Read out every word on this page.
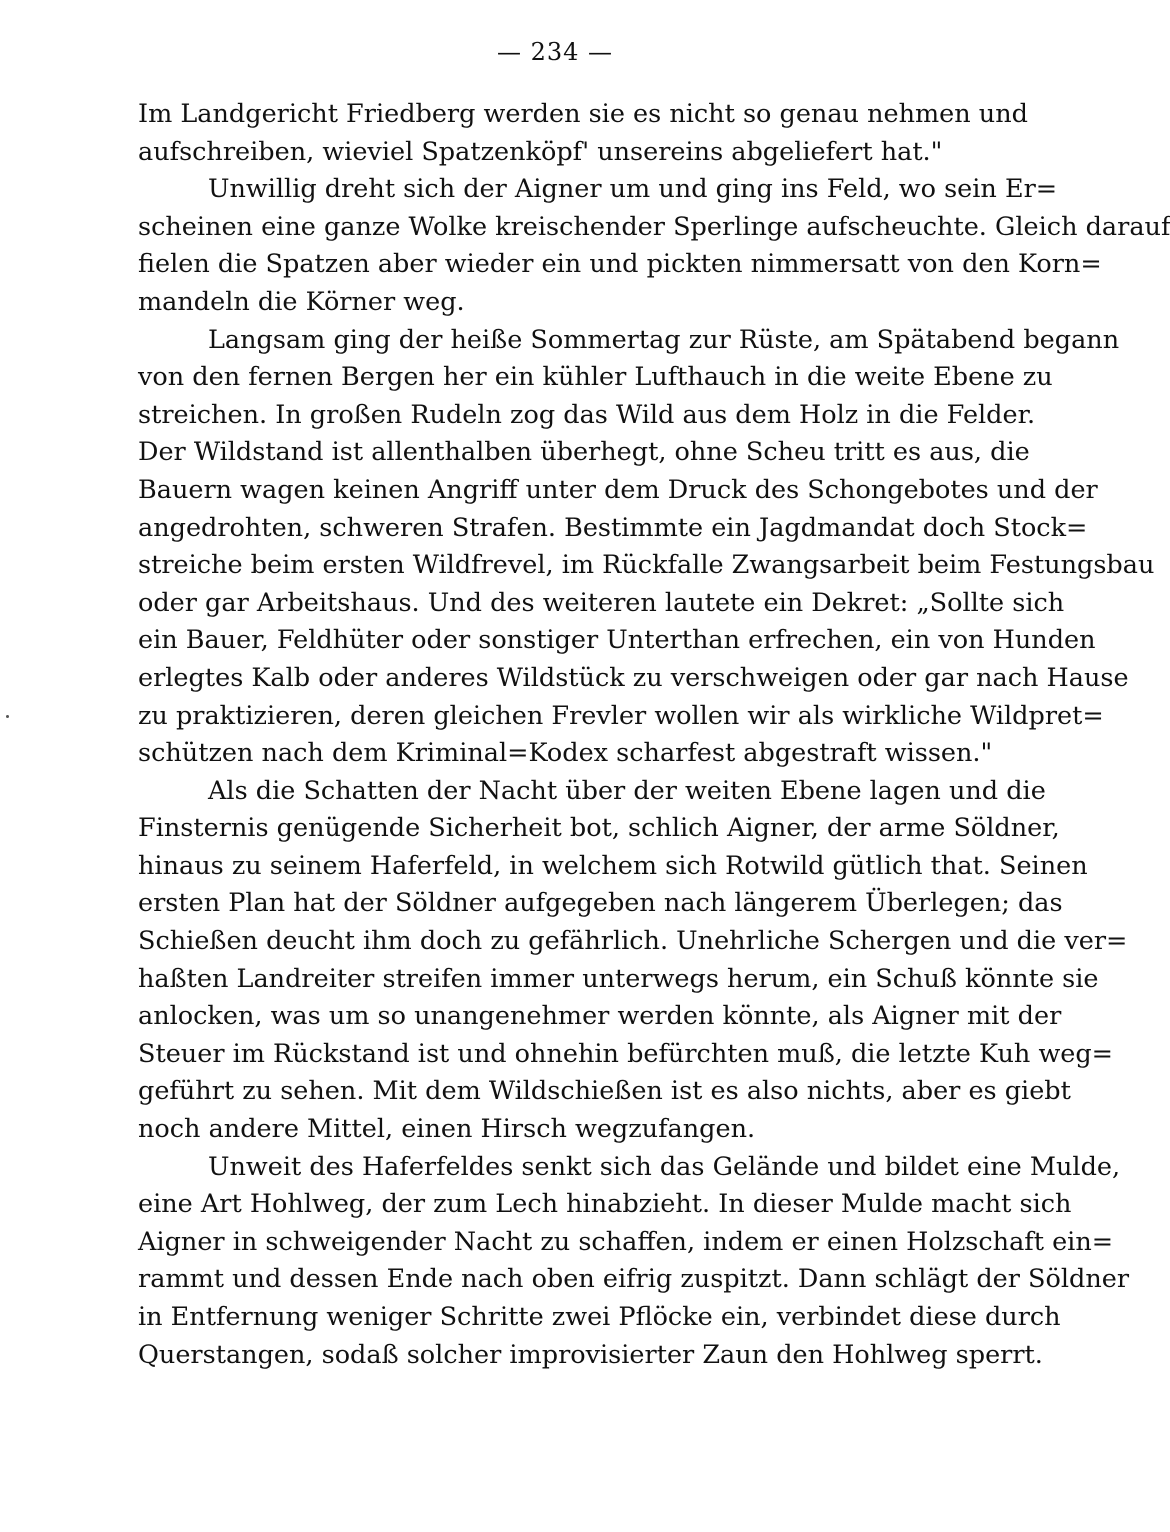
— 234 —
Im Landgericht Friedberg werden sie es nicht so genau nehmen und
aufschreiben, wieviel Spatzenköpf' unsereins abgeliefert hat."
Unwillig dreht sich der Aigner um und ging ins Feld, wo sein Er=
scheinen eine ganze Wolke kreischender Sperlinge aufscheuchte. Gleich darauf
fielen die Spatzen aber wieder ein und pickten nimmersatt von den Korn=
mandeln die Körner weg.
Langsam ging der heiße Sommertag zur Rüste, am Spätabend begann
von den fernen Bergen her ein kühler Lufthauch in die weite Ebene zu
streichen. In großen Rudeln zog das Wild aus dem Holz in die Felder.
Der Wildstand ist allenthalben überhegt, ohne Scheu tritt es aus, die
Bauern wagen keinen Angriff unter dem Druck des Schongebotes und der
angedrohten, schweren Strafen. Bestimmte ein Jagdmandat doch Stock=
streiche beim ersten Wildfrevel, im Rückfalle Zwangsarbeit beim Festungsbau
oder gar Arbeitshaus. Und des weiteren lautete ein Dekret: „Sollte sich
ein Bauer, Feldhüter oder sonstiger Unterthan erfrechen, ein von Hunden
erlegtes Kalb oder anderes Wildstück zu verschweigen oder gar nach Hause
zu praktizieren, deren gleichen Frevler wollen wir als wirkliche Wildpret=
schützen nach dem Kriminal=Kodex scharfest abgestraft wissen."
Als die Schatten der Nacht über der weiten Ebene lagen und die
Finsternis genügende Sicherheit bot, schlich Aigner, der arme Söldner,
hinaus zu seinem Haferfeld, in welchem sich Rotwild gütlich that. Seinen
ersten Plan hat der Söldner aufgegeben nach längerem Überlegen; das
Schießen deucht ihm doch zu gefährlich. Unehrliche Schergen und die ver=
haßten Landreiter streifen immer unterwegs herum, ein Schuß könnte sie
anlocken, was um so unangenehmer werden könnte, als Aigner mit der
Steuer im Rückstand ist und ohnehin befürchten muß, die letzte Kuh weg=
geführt zu sehen. Mit dem Wildschießen ist es also nichts, aber es giebt
noch andere Mittel, einen Hirsch wegzufangen.
Unweit des Haferfeldes senkt sich das Gelände und bildet eine Mulde,
eine Art Hohlweg, der zum Lech hinabzieht. In dieser Mulde macht sich
Aigner in schweigender Nacht zu schaffen, indem er einen Holzschaft ein=
rammt und dessen Ende nach oben eifrig zuspitzt. Dann schlägt der Söldner
in Entfernung weniger Schritte zwei Pflöcke ein, verbindet diese durch
Querstangen, sodaß solcher improvisierter Zaun den Hohlweg sperrt.
